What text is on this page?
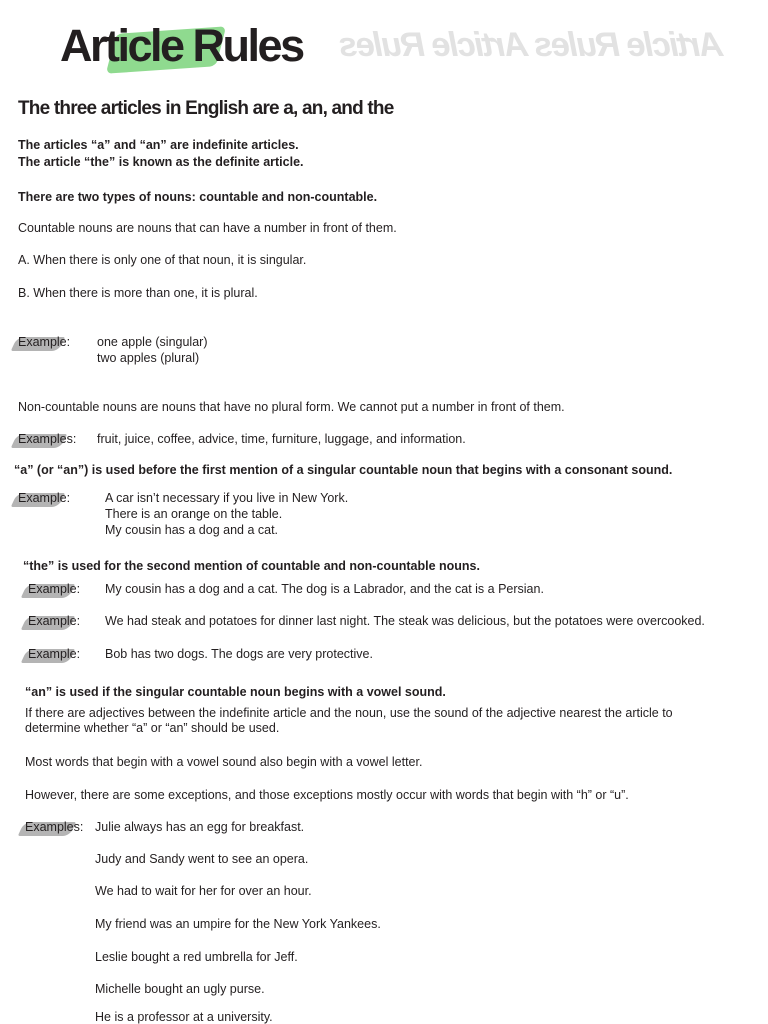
Article Rules Article Rules Article Rules
The three articles in English are a, an, and the
The articles “a” and “an” are indefinite articles.
The article “the” is known as the definite article.
There are two types of nouns: countable and non-countable.
Countable nouns are nouns that can have a number in front of them.
A. When there is only one of that noun, it is singular.
B. When there is more than one, it is plural.
Example: one apple (singular)
two apples (plural)
Non-countable nouns are nouns that have no plural form. We cannot put a number in front of them.
Examples: fruit, juice, coffee, advice, time, furniture, luggage, and information.
“a” (or “an”) is used before the first mention of a singular countable noun that begins with a consonant sound.
Example:	A car isn’t necessary if you live in New York.
There is an orange on the table.
My cousin has a dog and a cat.
“the” is used for the second mention of countable and non-countable nouns.
Example: My cousin has a dog and a cat. The dog is a Labrador, and the cat is a Persian.
Example: We had steak and potatoes for dinner last night. The steak was delicious, but the potatoes were overcooked.
Example: Bob has two dogs. The dogs are very protective.
“an” is used if the singular countable noun begins with a vowel sound.
If there are adjectives between the indefinite article and the noun, use the sound of the adjective nearest the article to
determine whether “a” or “an” should be used.
Most words that begin with a vowel sound also begin with a vowel letter.
However, there are some exceptions, and those exceptions mostly occur with words that begin with “h” or “u”.
Examples: Julie always has an egg for breakfast.
Judy and Sandy went to see an opera.
We had to wait for her for over an hour.
My friend was an umpire for the New York Yankees.
Leslie bought a red umbrella for Jeff.
Michelle bought an ugly purse.
He is a professor at a university.
